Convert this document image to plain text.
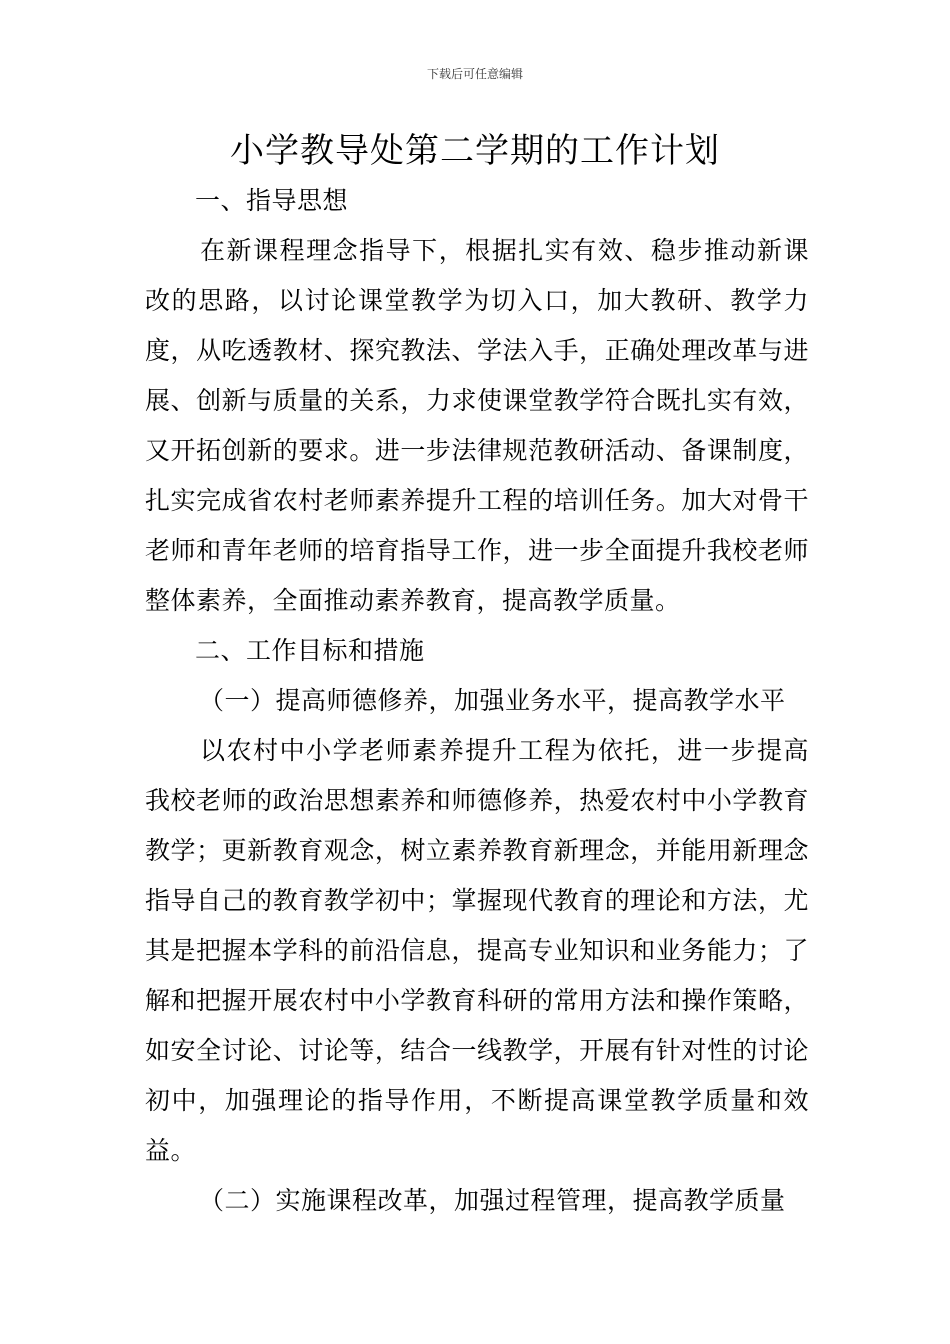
下载后可任意编辑
小学教导处第二学期的工作计划

一、指导思想

在新课程理念指导下，根据扎实有效、稳步推动新课改的思路，以讨论课堂教学为切入口，加大教研、教学力度，从吃透教材、探究教法、学法入手，正确处理改革与进展、创新与质量的关系，力求使课堂教学符合既扎实有效，又开拓创新的要求。进一步法律规范教研活动、备课制度，扎实完成省农村老师素养提升工程的培训任务。加大对骨干老师和青年老师的培育指导工作，进一步全面提升我校老师整体素养，全面推动素养教育，提高教学质量。

二、工作目标和措施

（一）提高师德修养，加强业务水平，提高教学水平

以农村中小学老师素养提升工程为依托，进一步提高我校老师的政治思想素养和师德修养，热爱农村中小学教育教学；更新教育观念，树立素养教育新理念，并能用新理念指导自己的教育教学初中；掌握现代教育的理论和方法，尤其是把握本学科的前沿信息，提高专业知识和业务能力；了解和把握开展农村中小学教育科研的常用方法和操作策略，如安全讨论、讨论等，结合一线教学，开展有针对性的讨论初中，加强理论的指导作用，不断提高课堂教学质量和效益。

（二）实施课程改革，加强过程管理，提高教学质量
